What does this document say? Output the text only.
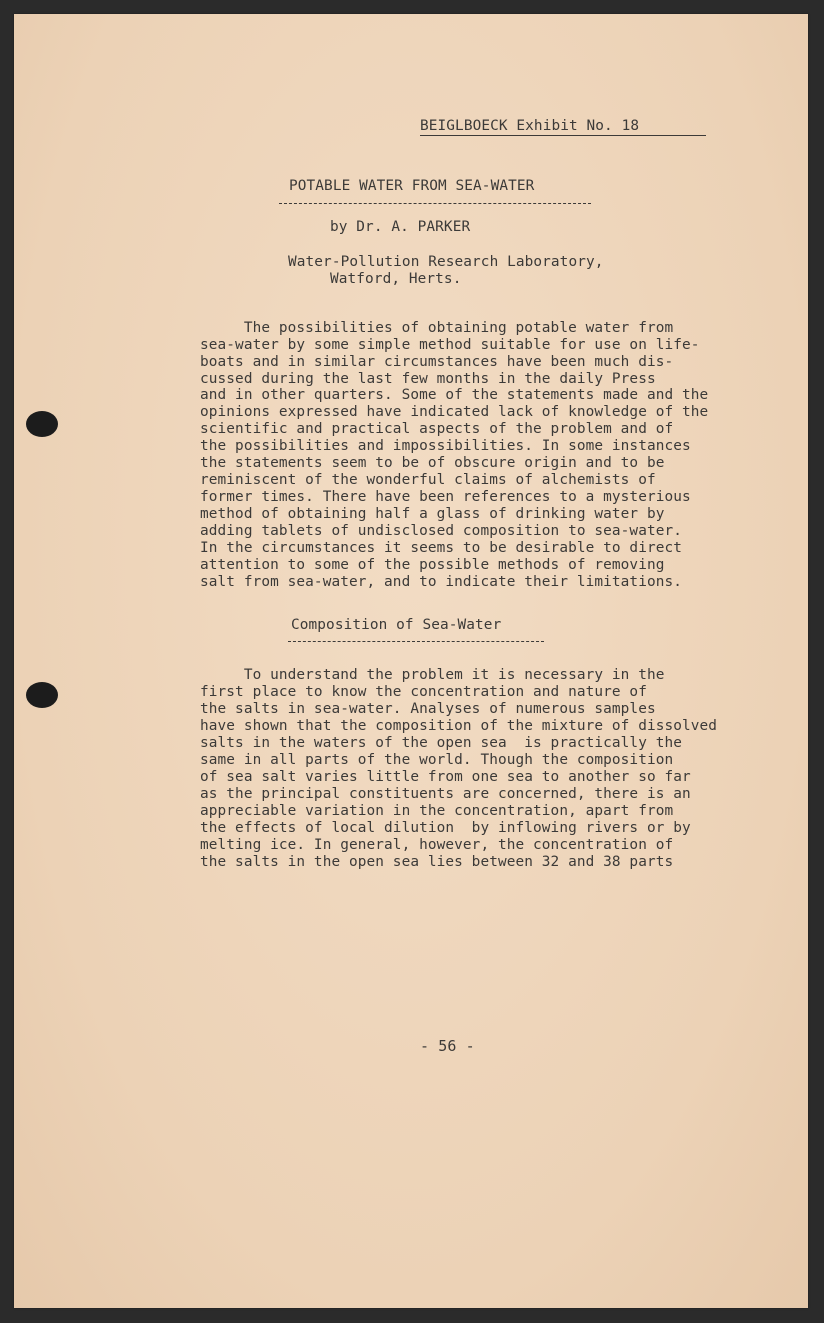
BEIGLBOECK Exhibit No. 18

POTABLE WATER FROM SEA-WATER

by Dr. A. PARKER

Water-Pollution Research Laboratory,

Watford, Herts.

The possibilities of obtaining potable water from

sea-water by some simple method suitable for use on life-

boats and in similar circumstances have been much dis-

cussed during the last few months in the daily Press

and in other quarters. Some of the statements made and the

opinions expressed have indicated lack of knowledge of the

scientific and practical aspects of the problem and of

the possibilities and impossibilities. In some instances

the statements seem to be of obscure origin and to be

reminiscent of the wonderful claims of alchemists of

former times. There have been references to a mysterious

method of obtaining half a glass of drinking water by

adding tablets of undisclosed composition to sea-water.

In the circumstances it seems to be desirable to direct

attention to some of the possible methods of removing

salt from sea-water, and to indicate their limitations.

Composition of Sea-Water

To understand the problem it is necessary in the

first place to know the concentration and nature of

the salts in sea-water. Analyses of numerous samples

have shown that the composition of the mixture of dissolved

salts in the waters of the open sea  is practically the

same in all parts of the world. Though the composition

of sea salt varies little from one sea to another so far

as the principal constituents are concerned, there is an

appreciable variation in the concentration, apart from

the effects of local dilution  by inflowing rivers or by

melting ice. In general, however, the concentration of

the salts in the open sea lies between 32 and 38 parts

- 56 -
